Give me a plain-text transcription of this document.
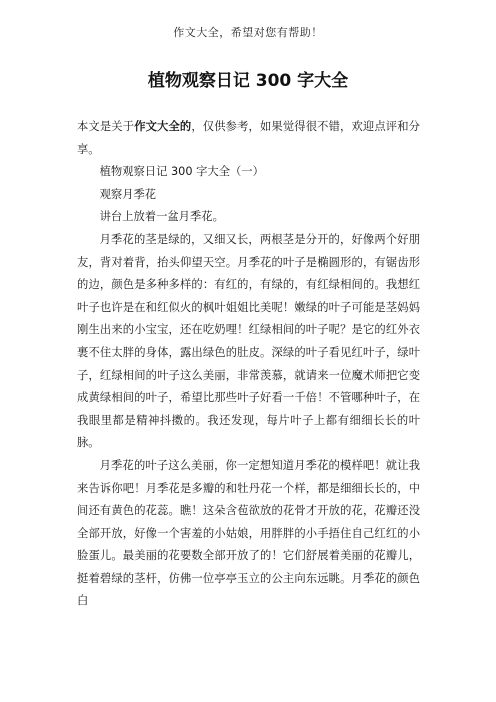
作文大全，希望对您有帮助！
植物观察日记 300 字大全

本文是关于作文大全的，仅供参考，如果觉得很不错，欢迎点评和分享。

植物观察日记 300 字大全（一）

观察月季花

讲台上放着一盆月季花。

月季花的茎是绿的，又细又长，两根茎是分开的，好像两个好朋友，背对着背，抬头仰望天空。月季花的叶子是椭圆形的，有锯齿形的边，颜色是多种多样的：有红的，有绿的，有红绿相间的。我想红叶子也许是在和红似火的枫叶姐姐比美呢！嫩绿的叶子可能是茎妈妈刚生出来的小宝宝，还在吃奶哩！红绿相间的叶子呢？是它的红外衣裹不住太胖的身体，露出绿色的肚皮。深绿的叶子看见红叶子，绿叶子，红绿相间的叶子这么美丽，非常羡慕，就请来一位魔术师把它变成黄绿相间的叶子，希望比那些叶子好看一千倍！不管哪种叶子，在我眼里都是精神抖擞的。我还发现，每片叶子上都有细细长长的叶脉。

月季花的叶子这么美丽，你一定想知道月季花的模样吧！就让我来告诉你吧！月季花是多瓣的和牡丹花一个样，都是细细长长的，中间还有黄色的花蕊。瞧！这朵含苞欲放的花骨才开放的花，花瓣还没全部开放，好像一个害羞的小姑娘，用胖胖的小手捂住自己红红的小脸蛋儿。最美丽的花要数全部开放了的！它们舒展着美丽的花瓣儿，挺着碧绿的茎杆，仿佛一位亭亭玉立的公主向东远眺。月季花的颜色白
